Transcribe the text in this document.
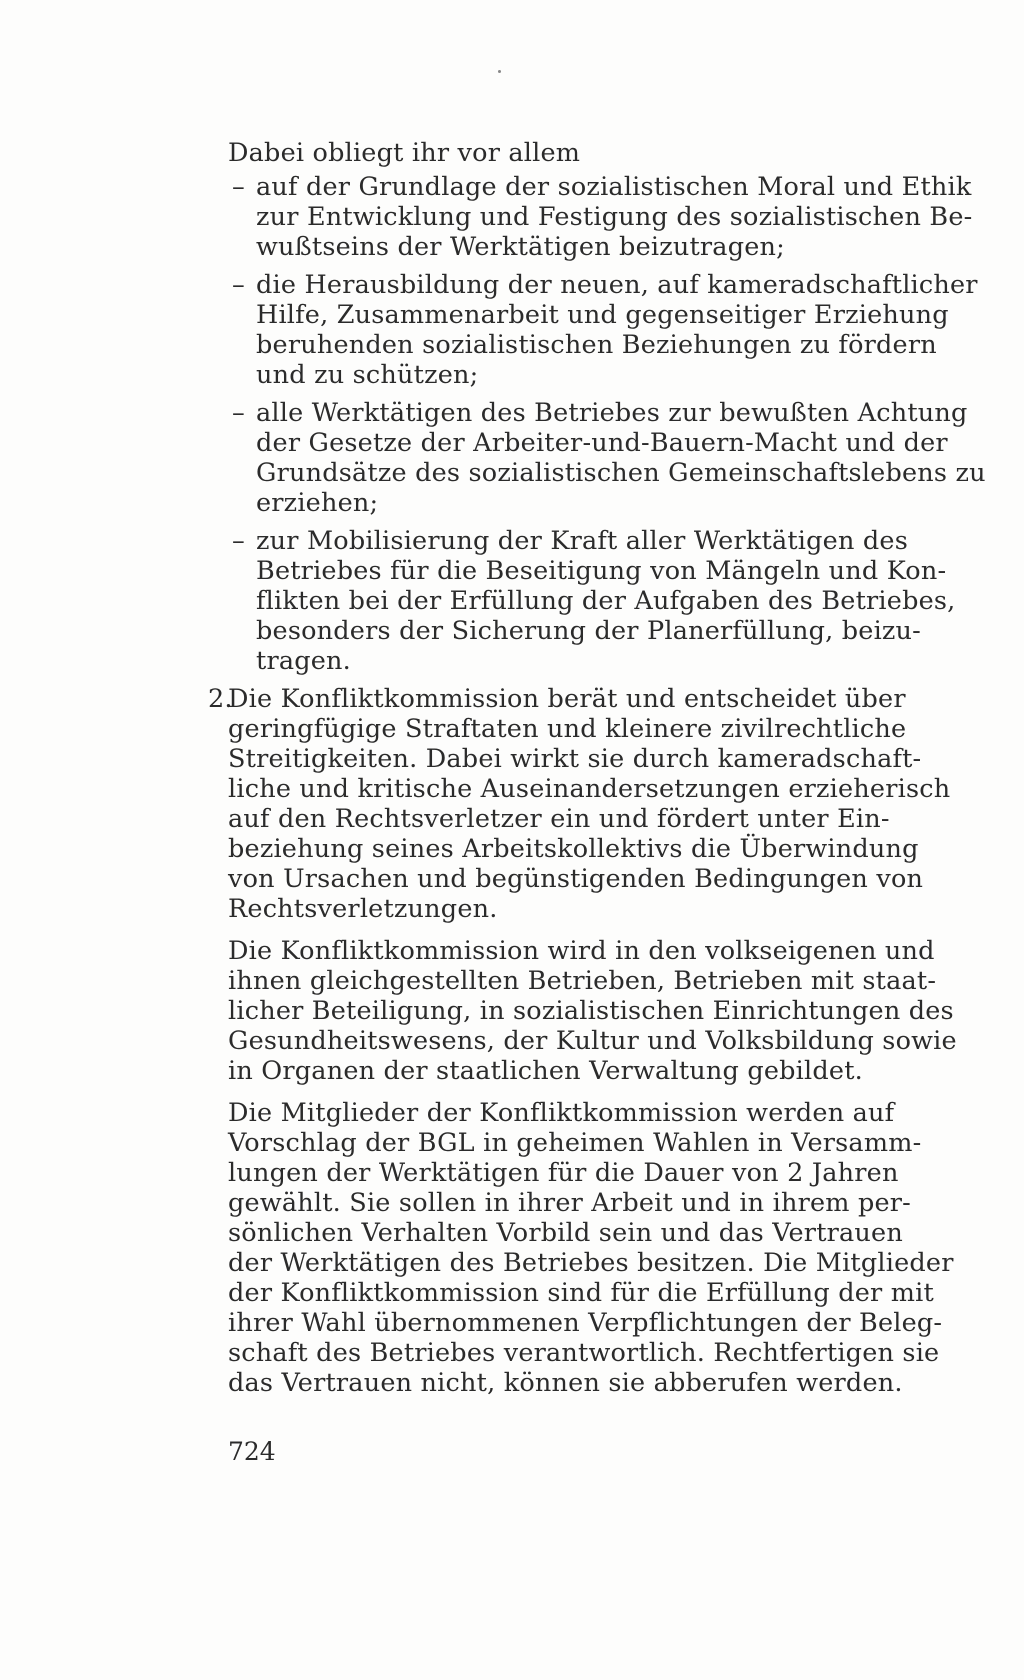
Dabei obliegt ihr vor allem
– auf der Grundlage der sozialistischen Moral und Ethik
zur Entwicklung und Festigung des sozialistischen Be-
wußtseins der Werktätigen beizutragen;
– die Herausbildung der neuen, auf kameradschaftlicher
Hilfe, Zusammenarbeit und gegenseitiger Erziehung
beruhenden sozialistischen Beziehungen zu fördern
und zu schützen;
– alle Werktätigen des Betriebes zur bewußten Achtung
der Gesetze der Arbeiter-und-Bauern-Macht und der
Grundsätze des sozialistischen Gemeinschaftslebens zu
erziehen;
– zur Mobilisierung der Kraft aller Werktätigen des
Betriebes für die Beseitigung von Mängeln und Kon-
flikten bei der Erfüllung der Aufgaben des Betriebes,
besonders der Sicherung der Planerfüllung, beizu-
tragen.
2.
Die Konfliktkommission berät und entscheidet über
geringfügige Straftaten und kleinere zivilrechtliche
Streitigkeiten. Dabei wirkt sie durch kameradschaft-
liche und kritische Auseinandersetzungen erzieherisch
auf den Rechtsverletzer ein und fördert unter Ein-
beziehung seines Arbeitskollektivs die Überwindung
von Ursachen und begünstigenden Bedingungen von
Rechtsverletzungen.
Die Konfliktkommission wird in den volkseigenen und
ihnen gleichgestellten Betrieben, Betrieben mit staat-
licher Beteiligung, in sozialistischen Einrichtungen des
Gesundheitswesens, der Kultur und Volksbildung sowie
in Organen der staatlichen Verwaltung gebildet.
Die Mitglieder der Konfliktkommission werden auf
Vorschlag der BGL in geheimen Wahlen in Versamm-
lungen der Werktätigen für die Dauer von 2 Jahren
gewählt. Sie sollen in ihrer Arbeit und in ihrem per-
sönlichen Verhalten Vorbild sein und das Vertrauen
der Werktätigen des Betriebes besitzen. Die Mitglieder
der Konfliktkommission sind für die Erfüllung der mit
ihrer Wahl übernommenen Verpflichtungen der Beleg-
schaft des Betriebes verantwortlich. Rechtfertigen sie
das Vertrauen nicht, können sie abberufen werden.
724
